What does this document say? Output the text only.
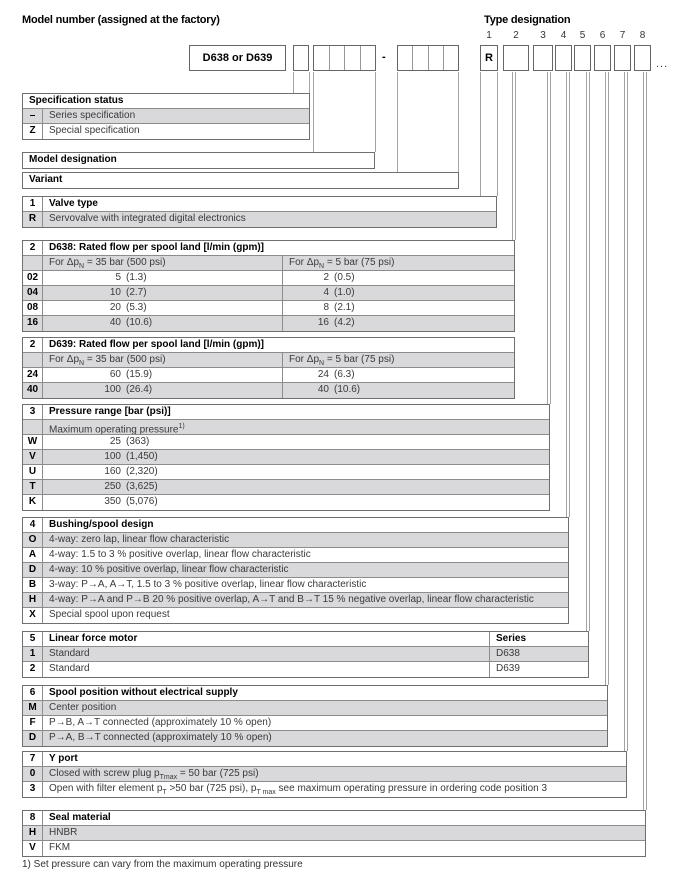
Model number (assigned at the factory)	Type designation
1	2	3	4	5	6	7	8
D638 or D639	-	R	...
Specification status
–	Series specification
Z	Special specification
Model designation
Variant
1	Valve type
R	Servovalve with integrated digital electronics
2	D638: Rated flow per spool land [l/min (gpm)]
For $\Delta p_N = 35$ bar (500 psi)	For $\Delta p_N = 5$ bar (75 psi)
02	5 (1.3)	2 (0.5)
04	10 (2.7)	4 (1.0)
08	20 (5.3)	8 (2.1)
16	40 (10.6)	16 (4.2)
2	D639: Rated flow per spool land [l/min (gpm)]
For $\Delta p_N = 35$ bar (500 psi)	For $\Delta p_N = 5$ bar (75 psi)
24	60 (15.9)	24 (6.3)
40	100 (26.4)	40 (10.6)
3	Pressure range [bar (psi)]
Maximum operating pressure$^{1)}$
W	25 (363)
V	100 (1,450)
U	160 (2,320)
T	250 (3,625)
K	350 (5,076)
4	Bushing/spool design
O	4-way: zero lap, linear flow characteristic
A	4-way: 1.5 to 3 % positive overlap, linear flow characteristic
D	4-way: 10 % positive overlap, linear flow characteristic
B	3-way: P→A, A→T, 1.5 to 3 % positive overlap, linear flow characteristic
H	4-way: P→A and P→B 20 % positive overlap, A→T and B→T 15 % negative overlap, linear flow characteristic
X	Special spool upon request
5	Linear force motor	Series
1	Standard	D638
2	Standard	D639
6	Spool position without electrical supply
M	Center position
F	P→B, A→T connected (approximately 10 % open)
D	P→A, B→T connected (approximately 10 % open)
7	Y port
0	Closed with screw plug $p_{Tmax} = 50$ bar (725 psi)
3	Open with filter element $p_T >50$ bar (725 psi), $p_{T max}$ see maximum operating pressure in ordering code position 3
8	Seal material
H	HNBR
V	FKM
1) Set pressure can vary from the maximum operating pressure
